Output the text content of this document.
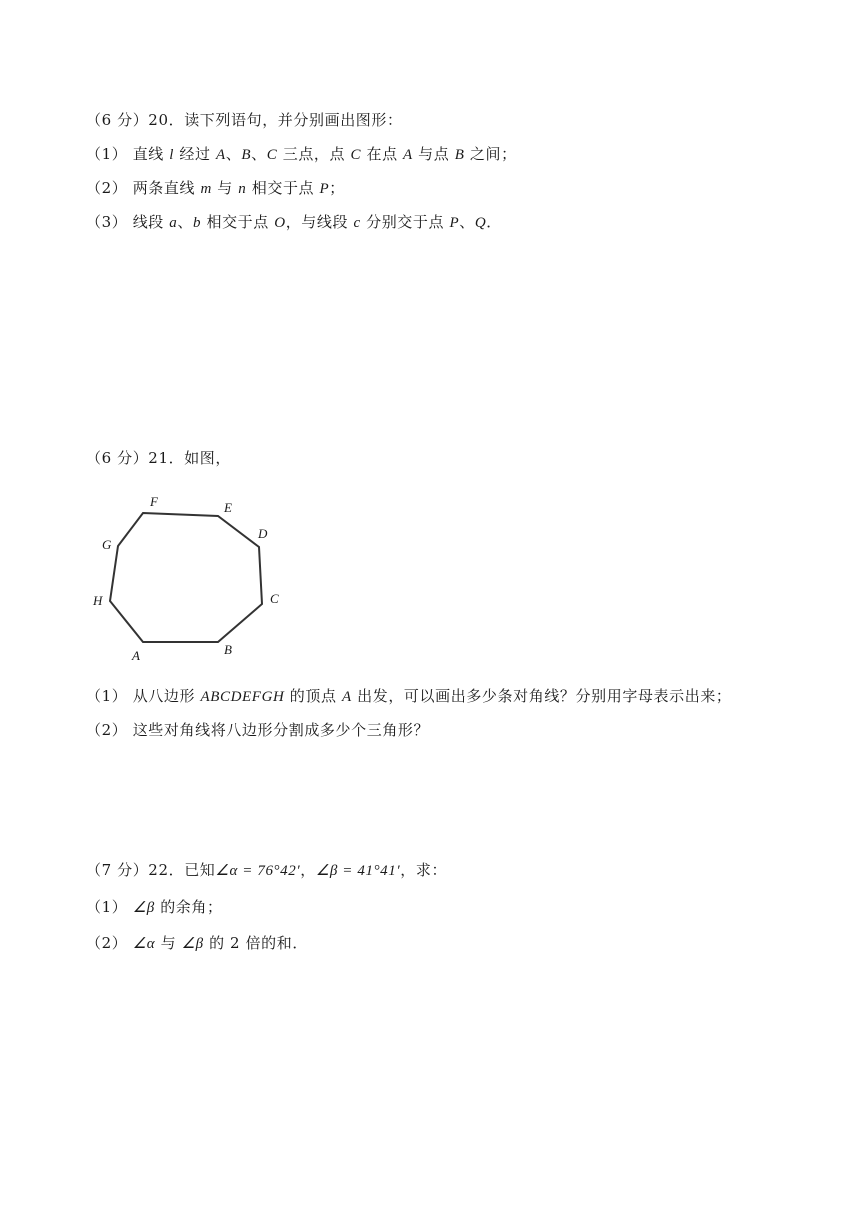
（6 分）20．读下列语句，并分别画出图形：
（1） 直线 l 经过 A、B、C 三点，点 C 在点 A 与点 B 之间；
（2） 两条直线 m 与 n 相交于点 P；
（3） 线段 a、b 相交于点 O，与线段 c 分别交于点 P、Q．
（6 分）21．如图，
F	E
D
G
H	C
A	B
（1） 从八边形 ABCDEFGH 的顶点 A 出发，可以画出多少条对角线？分别用字母表示出来；
（2） 这些对角线将八边形分割成多少个三角形？
（7 分）22．已知∠α = 76°42′，∠β = 41°41′，求：
（1） ∠β 的余角；
（2） ∠α 与 ∠β 的 2 倍的和．
